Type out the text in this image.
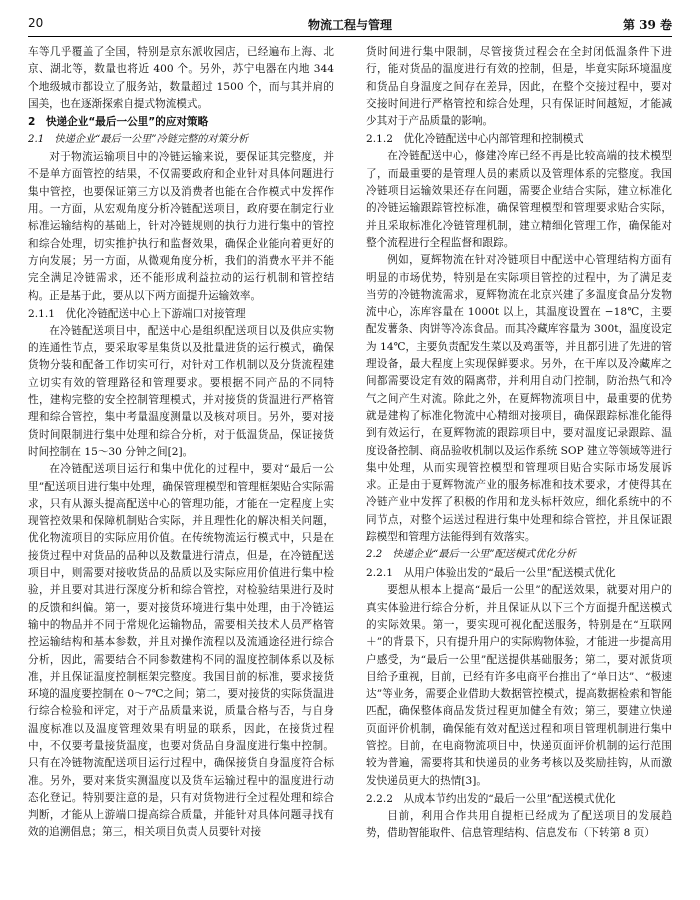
20	物流工程与管理	第 39 卷

车等几乎覆盖了全国，特别是京东派收园店，已经遍布上海、北京、湖北等，数量也将近 400 个。另外，苏宁电器在内地 344 个地级城市都设立了服务站，数量超过 1500 个，而与其并肩的国美，也在逐渐探索自提式物流模式。

2　快递企业“最后一公里”的应对策略
2.1　快递企业“最后一公里”冷链完整的对策分析

对于物流运输项目中的冷链运输来说，要保证其完整度，并不是单方面管控的结果，不仅需要政府和企业针对具体问题进行集中管控，也要保证第三方以及消费者也能在合作模式中发挥作用。一方面，从宏观角度分析冷链配送项目，政府要在制定行业标准运输结构的基础上，针对冷链规则的执行力进行集中的管控和综合处理，切实推护执行和监督效果，确保企业能向着更好的方向发展；另一方面，从微观角度分析，我们的消费水平并不能完全满足冷链需求，还不能形成利益拉动的运行机制和管控结构。正是基于此，要从以下两方面提升运输效率。

2.1.1　优化冷链配送中心上下游端口对接管理

在冷链配送项目中，配送中心是组织配送项目以及供应实物的连通性节点，要采取零星集货以及批量进货的运行模式，确保货物分装和配备工作切实可行，对针对工作机制以及分货流程建立切实有效的管理路径和管理要求。要根据不同产品的不同特性，建构完整的安全控制管理模式，并对接货的货温进行严格管理和综合管控，集中考量温度测量以及核对项目。另外，要对接货时间限制进行集中处理和综合分析，对于低温货品，保证接货时间控制在 15～30 分钟之间[2]。

在冷链配送项目运行和集中优化的过程中，要对“最后一公里”配送项目进行集中处理，确保管理模型和管理框架贴合实际需求，只有从源头提高配送中心的管理功能，才能在一定程度上实现管控效果和保障机制贴合实际，并且理性化的解决相关问题，优化物流项目的实际应用价值。在传统物流运行模式中，只是在接货过程中对货品的品种以及数量进行清点，但是，在冷链配送项目中，则需要对接收货品的品质以及实际应用价值进行集中检验，并且要对其进行深度分析和综合管控，对检验结果进行及时的反馈和纠偏。第一，要对接货环境进行集中处理，由于冷链运输中的物品并不同于常规化运输物品，需要相关技术人员严格管控运输结构和基本参数，并且对操作流程以及流通途径进行综合分析，因此，需要结合不同参数建构不同的温度控制体系以及标准，并且保证温度控制框架完整度。我国目前的标准，要求接货环境的温度要控制在 0～7℃之间；第二，要对接货的实际货温进行综合检验和评定，对于产品质量来说，质量合格与否，与自身温度标准以及温度管理效果有明显的联系，因此，在接货过程中，不仅要考量接货温度，也要对货品自身温度进行集中控制。只有在冷链物流配送项目运行过程中，确保接货自身温度符合标准。另外，要对来货实测温度以及货车运输过程中的温度进行动态化登记。特别要注意的是，只有对货物进行全过程处理和综合判断，才能从上游端口提高综合质量，并能针对具体问题寻找有效的追溯倡息；第三，相关项目负责人员要针对接

货时间进行集中限制，尽管接货过程会在全封闭低温条件下进行，能对货品的温度进行有效的控制，但是，毕竟实际环境温度和货品自身温度之间存在差异，因此，在整个交接过程中，要对交接时间进行严格管控和综合处理，只有保证时间越短，才能减少其对于产品质量的影响。

2.1.2　优化冷链配送中心内部管理和控制模式

在冷链配送中心，修建冷库已经不再是比较高端的技术模型了，而最重要的是管理人员的素质以及管理体系的完整度。我国冷链项目运输效果还存在问题，需要企业结合实际，建立标准化的冷链运输跟踪管控标准，确保管理模型和管理要求贴合实际，并且采取标准化冷链管理机制，建立精细化管理工作，确保能对整个流程进行全程监督和跟踪。

例如，夏辉物流在针对冷链项目中配送中心管理结构方面有明显的市场优势，特别是在实际项目管控的过程中，为了满足麦当劳的冷链物流需求，夏辉物流在北京兴建了多温度食品分发物流中心，冻库容量在 1000t 以上，其温度设置在 −18℃，主要配发薯条、肉饼等冷冻食品。而其冷藏库容量为 300t，温度设定为 14℃，主要负责配发生菜以及鸡蛋等，并且都引进了先进的管理设备，最大程度上实现保鲜要求。另外，在干库以及冷藏库之间都需要设定有效的隔离带，并利用自动门控制，防治热气和冷气之间产生对流。除此之外，在夏辉物流项目中，最重要的优势就是建构了标准化物流中心精细对接项目，确保跟踪标准化能得到有效运行，在夏辉物流的跟踪项目中，要对温度记录跟踪、温度设备控制、商品验收机制以及运作系统 SOP 建立等领域等进行集中处理，从而实现管控模型和管理项目贴合实际市场发展诉求。正是由于夏辉物流产业的服务标准和技术要求，才使得其在冷链产业中发挥了积极的作用和龙头标杆效应，细化系统中的不同节点，对整个运送过程进行集中处理和综合管控，并且保证跟踪模型和管理方法能得到有效落实。

2.2　快递企业“最后一公里”配送模式优化分析
2.2.1　从用户体验出发的“最后一公里”配送模式优化

要想从根本上提高“最后一公里”的配送效果，就要对用户的真实体验进行综合分析，并且保证从以下三个方面提升配送模式的实际效果。第一，要实现可视化配送服务，特别是在“互联网＋”的背景下，只有提升用户的实际购物体验，才能进一步提高用户感受，为“最后一公里”配送提供基础服务；第二，要对派货项目给予重视，目前，已经有许多电商平台推出了“单日达”、“极速达”等业务，需要企业借助大数据管控模式，提高数据检索和智能匹配，确保整体商品发货过程更加健全有效；第三，要建立快递页面评价机制，确保能有效对配送过程和项目管理机制进行集中管控。目前，在电商物流项目中，快递页面评价机制的运行范围较为普遍，需要将其和快递员的业务考核以及奖励挂钩，从而激发快递员更大的热情[3]。

2.2.2　从成本节约出发的“最后一公里”配送模式优化

目前，利用合作共用自提柜已经成为了配送项目的发展趋势，借助智能取件、信息管理结构、信息发布（下转第 8 页）
